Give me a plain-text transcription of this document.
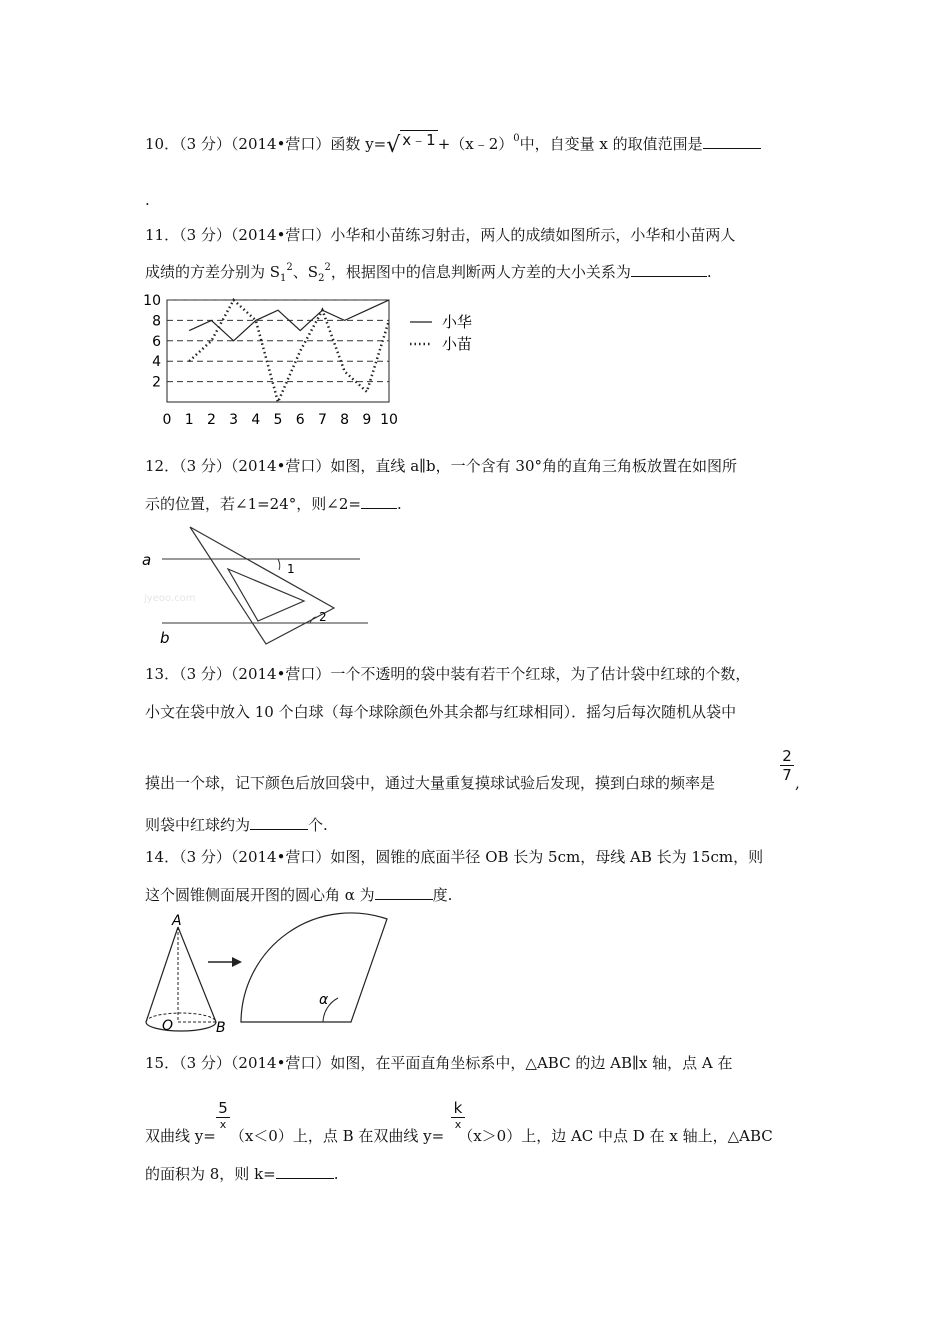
10．（3 分）（2014•营口）函数 y=√ x﹣1 +（x﹣2）$^0$中，自变量 x 的取值范围是
.
11．（3 分）（2014•营口）小华和小苗练习射击，两人的成绩如图所示，小华和小苗两人
成绩的方差分别为 $S_1^2$、$S_2^2$，根据图中的信息判断两人方差的大小关系为	.
2
4
6
8
10
0 1 2 3 4 5 6 7 8 9 10
小华
小苗
12．（3 分）（2014•营口）如图，直线 a∥b，一个含有 30°角的直角三角板放置在如图所
示的位置，若∠1=24°，则∠2= .
a
b
1
2
jyeoo.com
13．（3 分）（2014•营口）一个不透明的袋中装有若干个红球，为了估计袋中红球的个数，
小文在袋中放入 10 个白球（每个球除颜色外其余都与红球相同）．摇匀后每次随机从袋中
摸出一个球，记下颜色后放回袋中，通过大量重复摸球试验后发现，摸到白球的频率是
2
7 ,
则袋中红球约为	个.
14．（3 分）（2014•营口）如图，圆锥的底面半径 OB 长为 5cm，母线 AB 长为 15cm，则
这个圆锥侧面展开图的圆心角 α 为	度.
A
O	B
α
15．（3 分）（2014•营口）如图，在平面直角坐标系中，△ABC 的边 AB∥x 轴，点 A 在
双曲线 y= （x＜0）上，点 B 在双曲线 y= （x＞0）上，边 AC 中点 D 在 x 轴上，△ABC
5
x
k
x
的面积为 8，则 k=	.
